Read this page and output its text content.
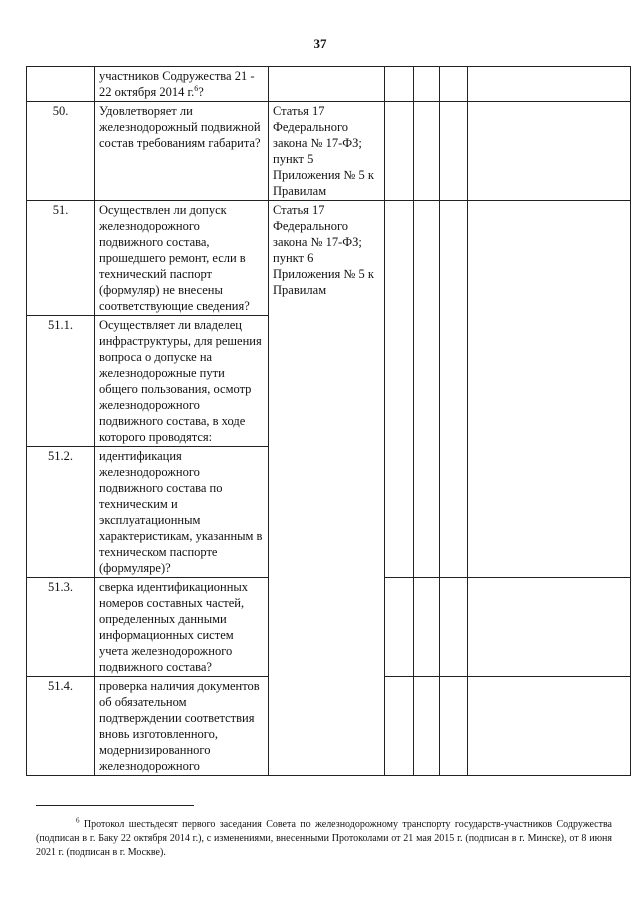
37
	участников Содружества 21 - 22 октября 2014 г.$^6$?					
50.	Удовлетворяет ли железнодорожный подвижной состав требованиям габарита?	Статья 17 Федерального закона № 17-ФЗ; пункт 5 Приложения № 5 к Правилам				
51.	Осуществлен ли допуск железнодорожного подвижного состава, прошедшего ремонт, если в технический паспорт (формуляр) не внесены соответствующие сведения?	Статья 17 Федерального закона № 17-ФЗ; пункт 6 Приложения № 5 к Правилам				
51.1.	Осуществляет ли владелец инфраструктуры, для решения вопроса о допуске на железнодорожные пути общего пользования, осмотр железнодорожного подвижного состава, в ходе которого проводятся:					
51.2.	идентификация железнодорожного подвижного состава по техническим и эксплуатационным характеристикам, указанным в техническом паспорте (формуляре)?					
51.3.	сверка идентификационных номеров составных частей, определенных данными информационных систем учета железнодорожного подвижного состава?					
51.4.	проверка наличия документов об обязательном подтверждении соответствия вновь изготовленного, модернизированного железнодорожного					
$^6$ Протокол шестьдесят первого заседания Совета по железнодорожному транспорту государств-участников Содружества (подписан в г. Баку 22 октября 2014 г.), с изменениями, внесенными Протоколами от 21 мая 2015 г. (подписан в г. Минске), от 8 июня 2021 г. (подписан в г. Москве).
